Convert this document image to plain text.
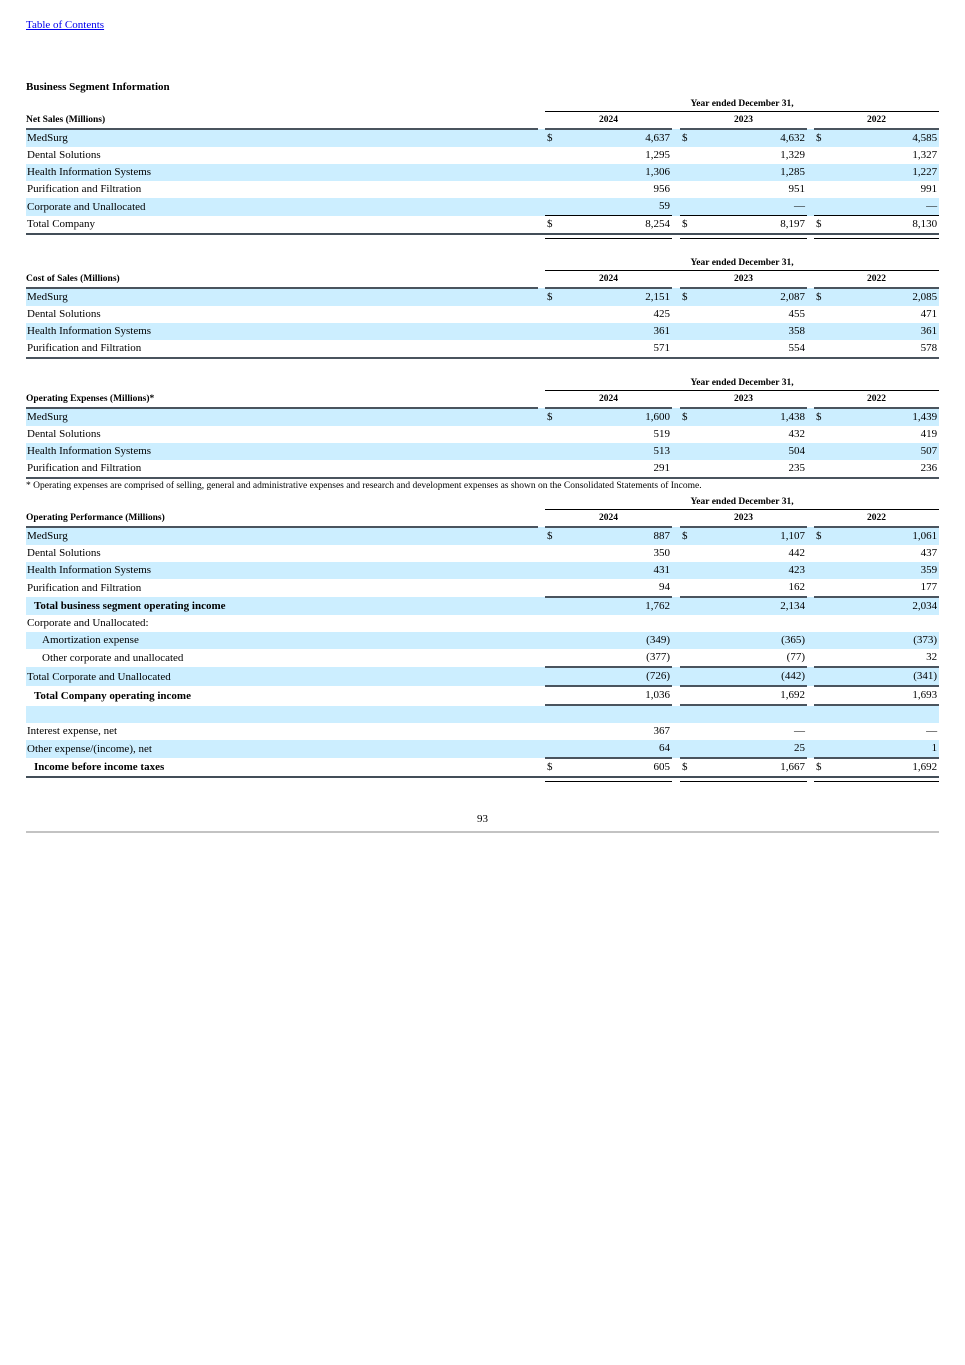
Table of Contents
Business Segment Information
		Year ended December 31,							
Net Sales (Millions)		2024			2023			2022	
MedSurg		$	4,637		$	4,632		$	4,585
Dental Solutions			1,295			1,329			1,327
Health Information Systems			1,306			1,285			1,227
Purification and Filtration			956			951			991
Corporate and Unallocated			59			—			—
Total Company		$	8,254		$	8,197		$	8,130

		Year ended December 31,							
Cost of Sales (Millions)		2024			2023			2022	
MedSurg		$	2,151		$	2,087		$	2,085
Dental Solutions			425			455			471
Health Information Systems			361			358			361
Purification and Filtration			571			554			578
		Year ended December 31,							
Operating Expenses (Millions)*		2024			2023			2022	
MedSurg		$	1,600		$	1,438		$	1,439
Dental Solutions			519			432			419
Health Information Systems			513			504			507
Purification and Filtration			291			235			236
* Operating expenses are comprised of selling, general and administrative expenses and research and development expenses as shown on the Consolidated Statements of Income.
		Year ended December 31,							
Operating Performance (Millions)		2024			2023			2022	
MedSurg		$	887		$	1,107		$	1,061
Dental Solutions			350			442			437
Health Information Systems			431			423			359
Purification and Filtration			94			162			177
Total business segment operating income			1,762			2,134			2,034
Corporate and Unallocated:									
Amortization expense			(349)			(365)			(373)
Other corporate and unallocated			(377)			(77)			32
Total Corporate and Unallocated			(726)			(442)			(341)
Total Company operating income			1,036			1,692			1,693

Interest expense, net			367			—			—
Other expense/(income), net			64			25			1
Income before income taxes		$	605		$	1,667		$	1,692

93
